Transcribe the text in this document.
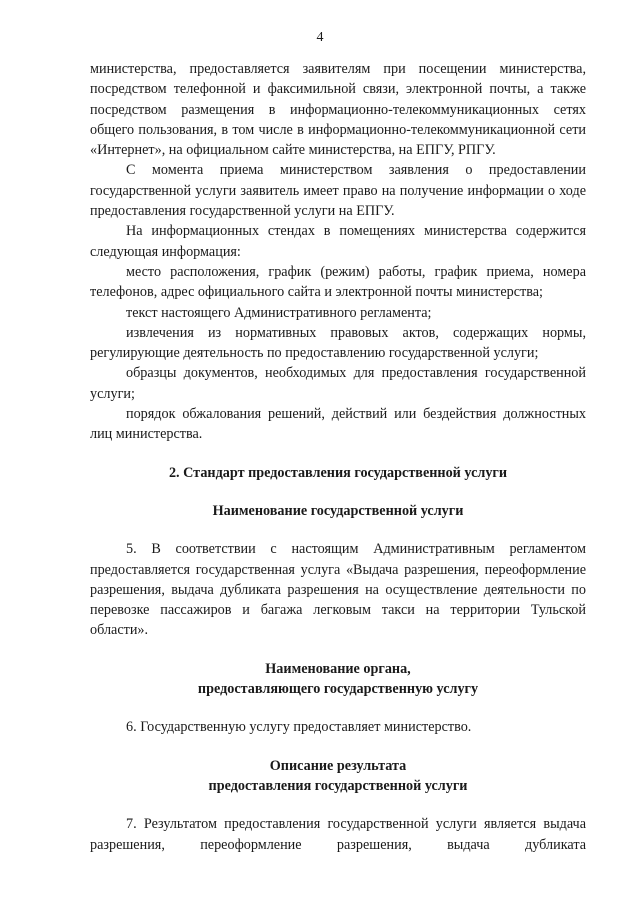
4

министерства, предоставляется заявителям при посещении министерства, посредством телефонной и факсимильной связи, электронной почты, а также посредством размещения в информационно-телекоммуникационных сетях общего пользования, в том числе в информационно-телекоммуникационной сети «Интернет», на официальном сайте министерства, на ЕПГУ, РПГУ.

С момента приема министерством заявления о предоставлении государственной услуги заявитель имеет право на получение информации о ходе предоставления государственной услуги на ЕПГУ.

На информационных стендах в помещениях министерства содержится следующая информация:

место расположения, график (режим) работы, график приема, номера телефонов, адрес официального сайта и электронной почты министерства;

текст настоящего Административного регламента;

извлечения из нормативных правовых актов, содержащих нормы, регулирующие деятельность по предоставлению государственной услуги;

образцы документов, необходимых для предоставления государственной услуги;

порядок обжалования решений, действий или бездействия должностных лиц министерства.

2. Стандарт предоставления государственной услуги

Наименование государственной услуги

5. В соответствии с настоящим Административным регламентом предоставляется государственная услуга «Выдача разрешения, переоформление разрешения, выдача дубликата разрешения на осуществление деятельности по перевозке пассажиров и багажа легковым такси на территории Тульской области».

Наименование органа,

предоставляющего государственную услугу

6. Государственную услугу предоставляет министерство.

Описание результата

предоставления государственной услуги

7. Результатом предоставления государственной услуги является выдача разрешения, переоформление разрешения, выдача дубликата
